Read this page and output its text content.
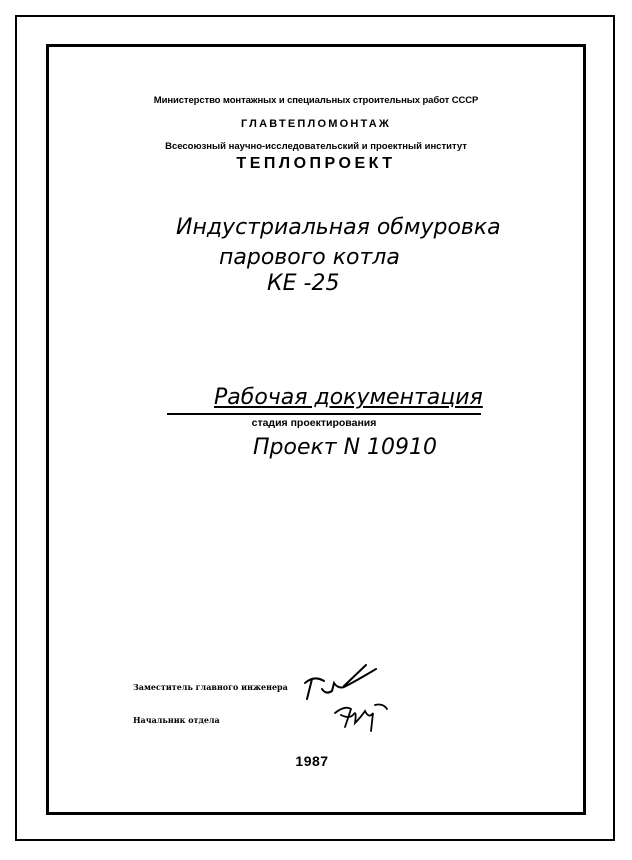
Министерство монтажных и специальных строительных работ СССР
ГЛАВТЕПЛОМОНТАЖ
Всесоюзный научно-исследовательский и проектный институт
ТЕПЛОПРОЕКТ
Индустриальная обмуровка
парового котла
КЕ -25
Рабочая документация
стадия проектирования
Проект N 10910
Заместитель главного инженера
Начальник отдела
1987
